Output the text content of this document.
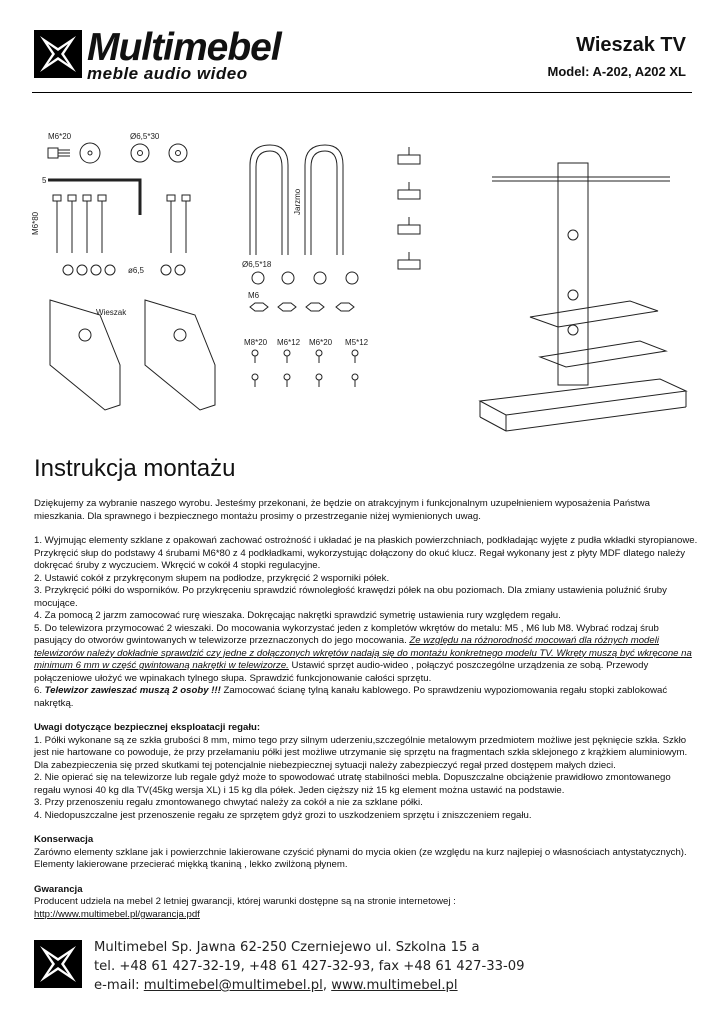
Multimebel
meble audio wideo
Wieszak TV
Model: A-202, A202 XL
M6*20	Ø6,5*30
5
M6*80
ø6,5
Jarzmo
Ø6,5*18
M6
Wieszak
M8*20 M6*12 M6*20 M5*12
Instrukcja montażu

Dziękujemy za wybranie naszego wyrobu. Jesteśmy przekonani, że będzie on atrakcyjnym i funkcjonalnym uzupełnieniem wyposażenia Państwa mieszkania. Dla sprawnego i bezpiecznego montażu prosimy o przestrzeganie niżej wymienionych uwag.

1. Wyjmując elementy szklane z opakowań zachować ostrożność i układać je na płaskich powierzchniach, podkładając wyjęte z pudła wkładki styropianowe. Przykręcić słup do podstawy 4 śrubami M6*80 z 4 podkładkami, wykorzystując dołączony do okuć klucz. Regał wykonany jest z płyty MDF dlatego należy dokręcać śruby z wyczuciem. Wkręcić w cokół 4 stopki regulacyjne.

2. Ustawić cokół z przykręconym słupem na podłodze, przykręcić 2 wsporniki półek.

3. Przykręcić półki do wsporników. Po przykręceniu sprawdzić równoległość krawędzi półek na obu poziomach. Dla zmiany ustawienia poluźnić śruby mocujące.

4. Za pomocą 2 jarzm zamocować rurę wieszaka. Dokręcając nakrętki sprawdzić symetrię ustawienia rury względem regału.

5. Do telewizora przymocować 2 wieszaki. Do mocowania wykorzystać jeden z kompletów wkrętów do metalu: M5 , M6 lub M8. Wybrać rodzaj śrub pasujący do otworów gwintowanych w telewizorze przeznaczonych do jego mocowania. Ze względu na różnorodność mocowań dla różnych modeli telewizorów należy dokładnie sprawdzić czy jedne z dołączonych wkrętów nadają się do montażu konkretnego modelu TV. Wkręty muszą być wkręcone na minimum 6 mm w część gwintowaną nakrętki w telewizorze. Ustawić sprzęt audio-wideo , połączyć poszczególne urządzenia ze sobą. Przewody połączeniowe ułożyć we wpinakach tylnego słupa. Sprawdzić funkcjonowanie całości sprzętu.

6. Telewizor zawieszać muszą 2 osoby !!! Zamocować ścianę tylną kanału kablowego. Po sprawdzeniu wypoziomowania regału stopki zablokować nakrętką.

Uwagi dotyczące bezpiecznej eksploatacji regału:

1. Półki wykonane są ze szkła grubości 8 mm, mimo tego przy silnym uderzeniu,szczególnie metalowym przedmiotem możliwe jest pęknięcie szkła. Szkło jest nie hartowane co powoduje, że przy przełamaniu półki jest możliwe utrzymanie się sprzętu na fragmentach szkła sklejonego z krążkiem aluminiowym. Dla zabezpieczenia się przed skutkami tej potencjalnie niebezpiecznej sytuacji należy zabezpieczyć regał przed dostępem małych dzieci.

2. Nie opierać się na telewizorze lub regale gdyż może to spowodować utratę stabilności mebla. Dopuszczalne obciążenie prawidłowo zmontowanego regału wynosi 40 kg dla TV(45kg wersja XL) i 15 kg dla półek. Jeden cięższy niż 15 kg element można ustawić na podstawie.

3. Przy przenoszeniu regału zmontowanego chwytać należy za cokół a nie za szklane półki.

4. Niedopuszczalne jest przenoszenie regału ze sprzętem gdyż grozi to uszkodzeniem sprzętu i zniszczeniem regału.

Konserwacja

Zarówno elementy szklane jak i powierzchnie lakierowane czyścić płynami do mycia okien (ze względu na kurz najlepiej o własnościach antystatycznych). Elementy lakierowane przecierać miękką tkaniną , lekko zwilżoną płynem.

Gwarancja

Producent udziela na mebel 2 letniej gwarancji, której warunki dostępne są na stronie internetowej :

http://www.multimebel.pl/gwarancja.pdf

Multimebel Sp. Jawna 62-250 Czerniejewo ul. Szkolna 15 a
tel. +48 61 427-32-19, +48 61 427-32-93, fax +48 61 427-33-09
e-mail: multimebel@multimebel.pl, www.multimebel.pl
